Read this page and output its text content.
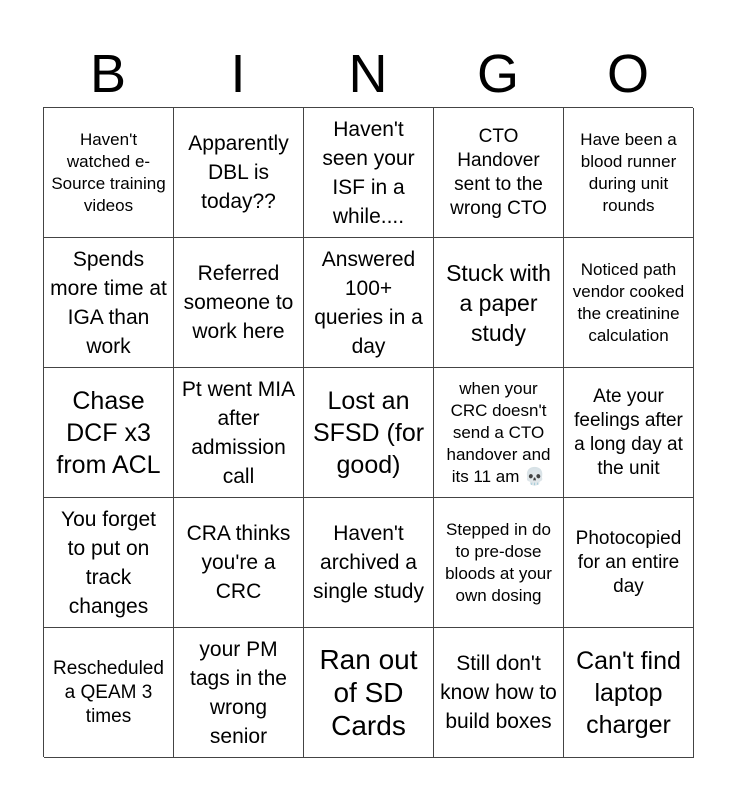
B	I	N	G	O
Haven't watched e-Source training videos
Apparently DBL is today??
Haven't seen your ISF in a while....
CTO Handover sent to the wrong CTO
Have been a blood runner during unit rounds
Spends more time at IGA than work
Referred someone to work here
Answered 100+ queries in a day
Stuck with a paper study
Noticed path vendor cooked the creatinine calculation
Chase DCF x3 from ACL
Pt went MIA after admission call
Lost an SFSD (for good)
when your CRC doesn't send a CTO handover and its 11 am 💀
Ate your feelings after a long day at the unit
You forget to put on track changes
CRA thinks you're a CRC
Haven't archived a single study
Stepped in do to pre-dose bloods at your own dosing
Photocopied for an entire day
Rescheduled a QEAM 3 times
your PM tags in the wrong senior
Ran out of SD Cards
Still don't know how to build boxes
Can't find laptop charger
